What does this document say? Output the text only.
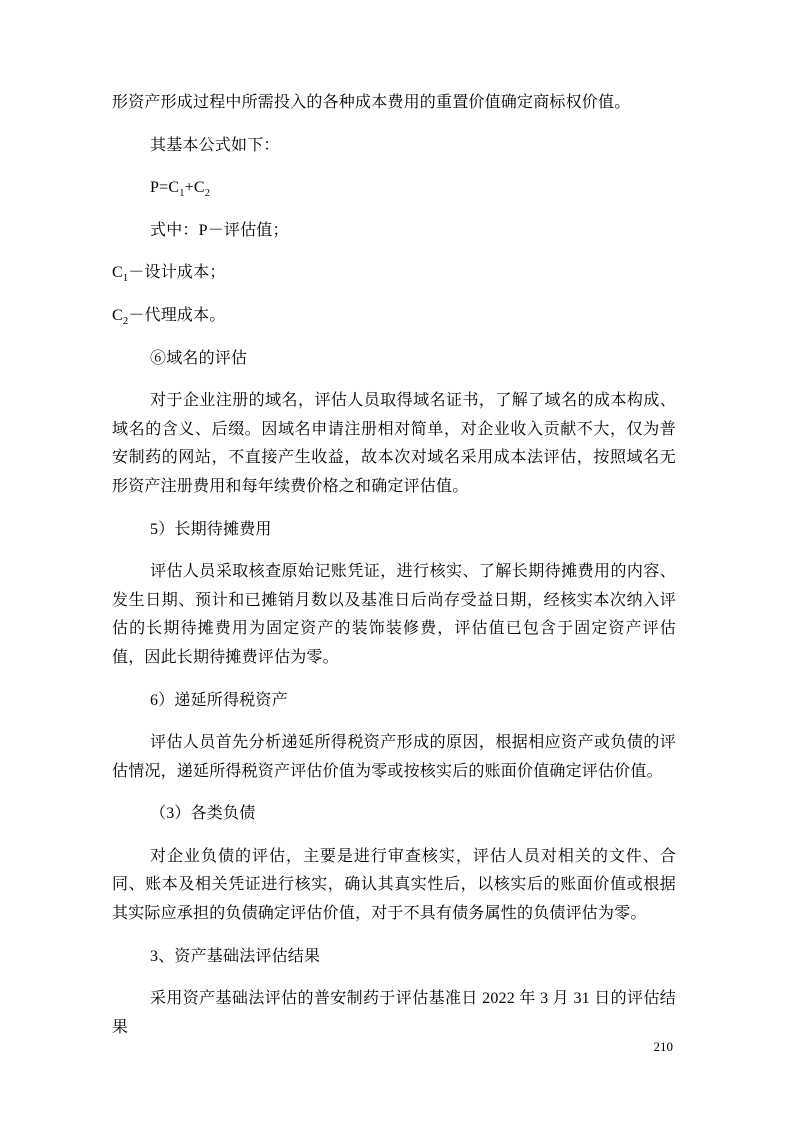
形资产形成过程中所需投入的各种成本费用的重置价值确定商标权价值。

其基本公式如下：

$P=C_1+C_2$

式中：P－评估值；

$C_1-$设计成本；

$C_2-$代理成本。

⑥域名的评估

对于企业注册的域名，评估人员取得域名证书，了解了域名的成本构成、域名的含义、后缀。因域名申请注册相对简单，对企业收入贡献不大，仅为普安制药的网站，不直接产生收益，故本次对域名采用成本法评估，按照域名无形资产注册费用和每年续费价格之和确定评估值。

5）长期待摊费用

评估人员采取核查原始记账凭证，进行核实、了解长期待摊费用的内容、发生日期、预计和已摊销月数以及基准日后尚存受益日期，经核实本次纳入评估的长期待摊费用为固定资产的装饰装修费，评估值已包含于固定资产评估值，因此长期待摊费评估为零。

6）递延所得税资产

评估人员首先分析递延所得税资产形成的原因，根据相应资产或负债的评估情况，递延所得税资产评估价值为零或按核实后的账面价值确定评估价值。

（3）各类负债

对企业负债的评估，主要是进行审查核实，评估人员对相关的文件、合同、账本及相关凭证进行核实，确认其真实性后，以核实后的账面价值或根据其实际应承担的负债确定评估价值，对于不具有债务属性的负债评估为零。

3、资产基础法评估结果

采用资产基础法评估的普安制药于评估基准日 2022 年 3 月 31 日的评估结果

210
